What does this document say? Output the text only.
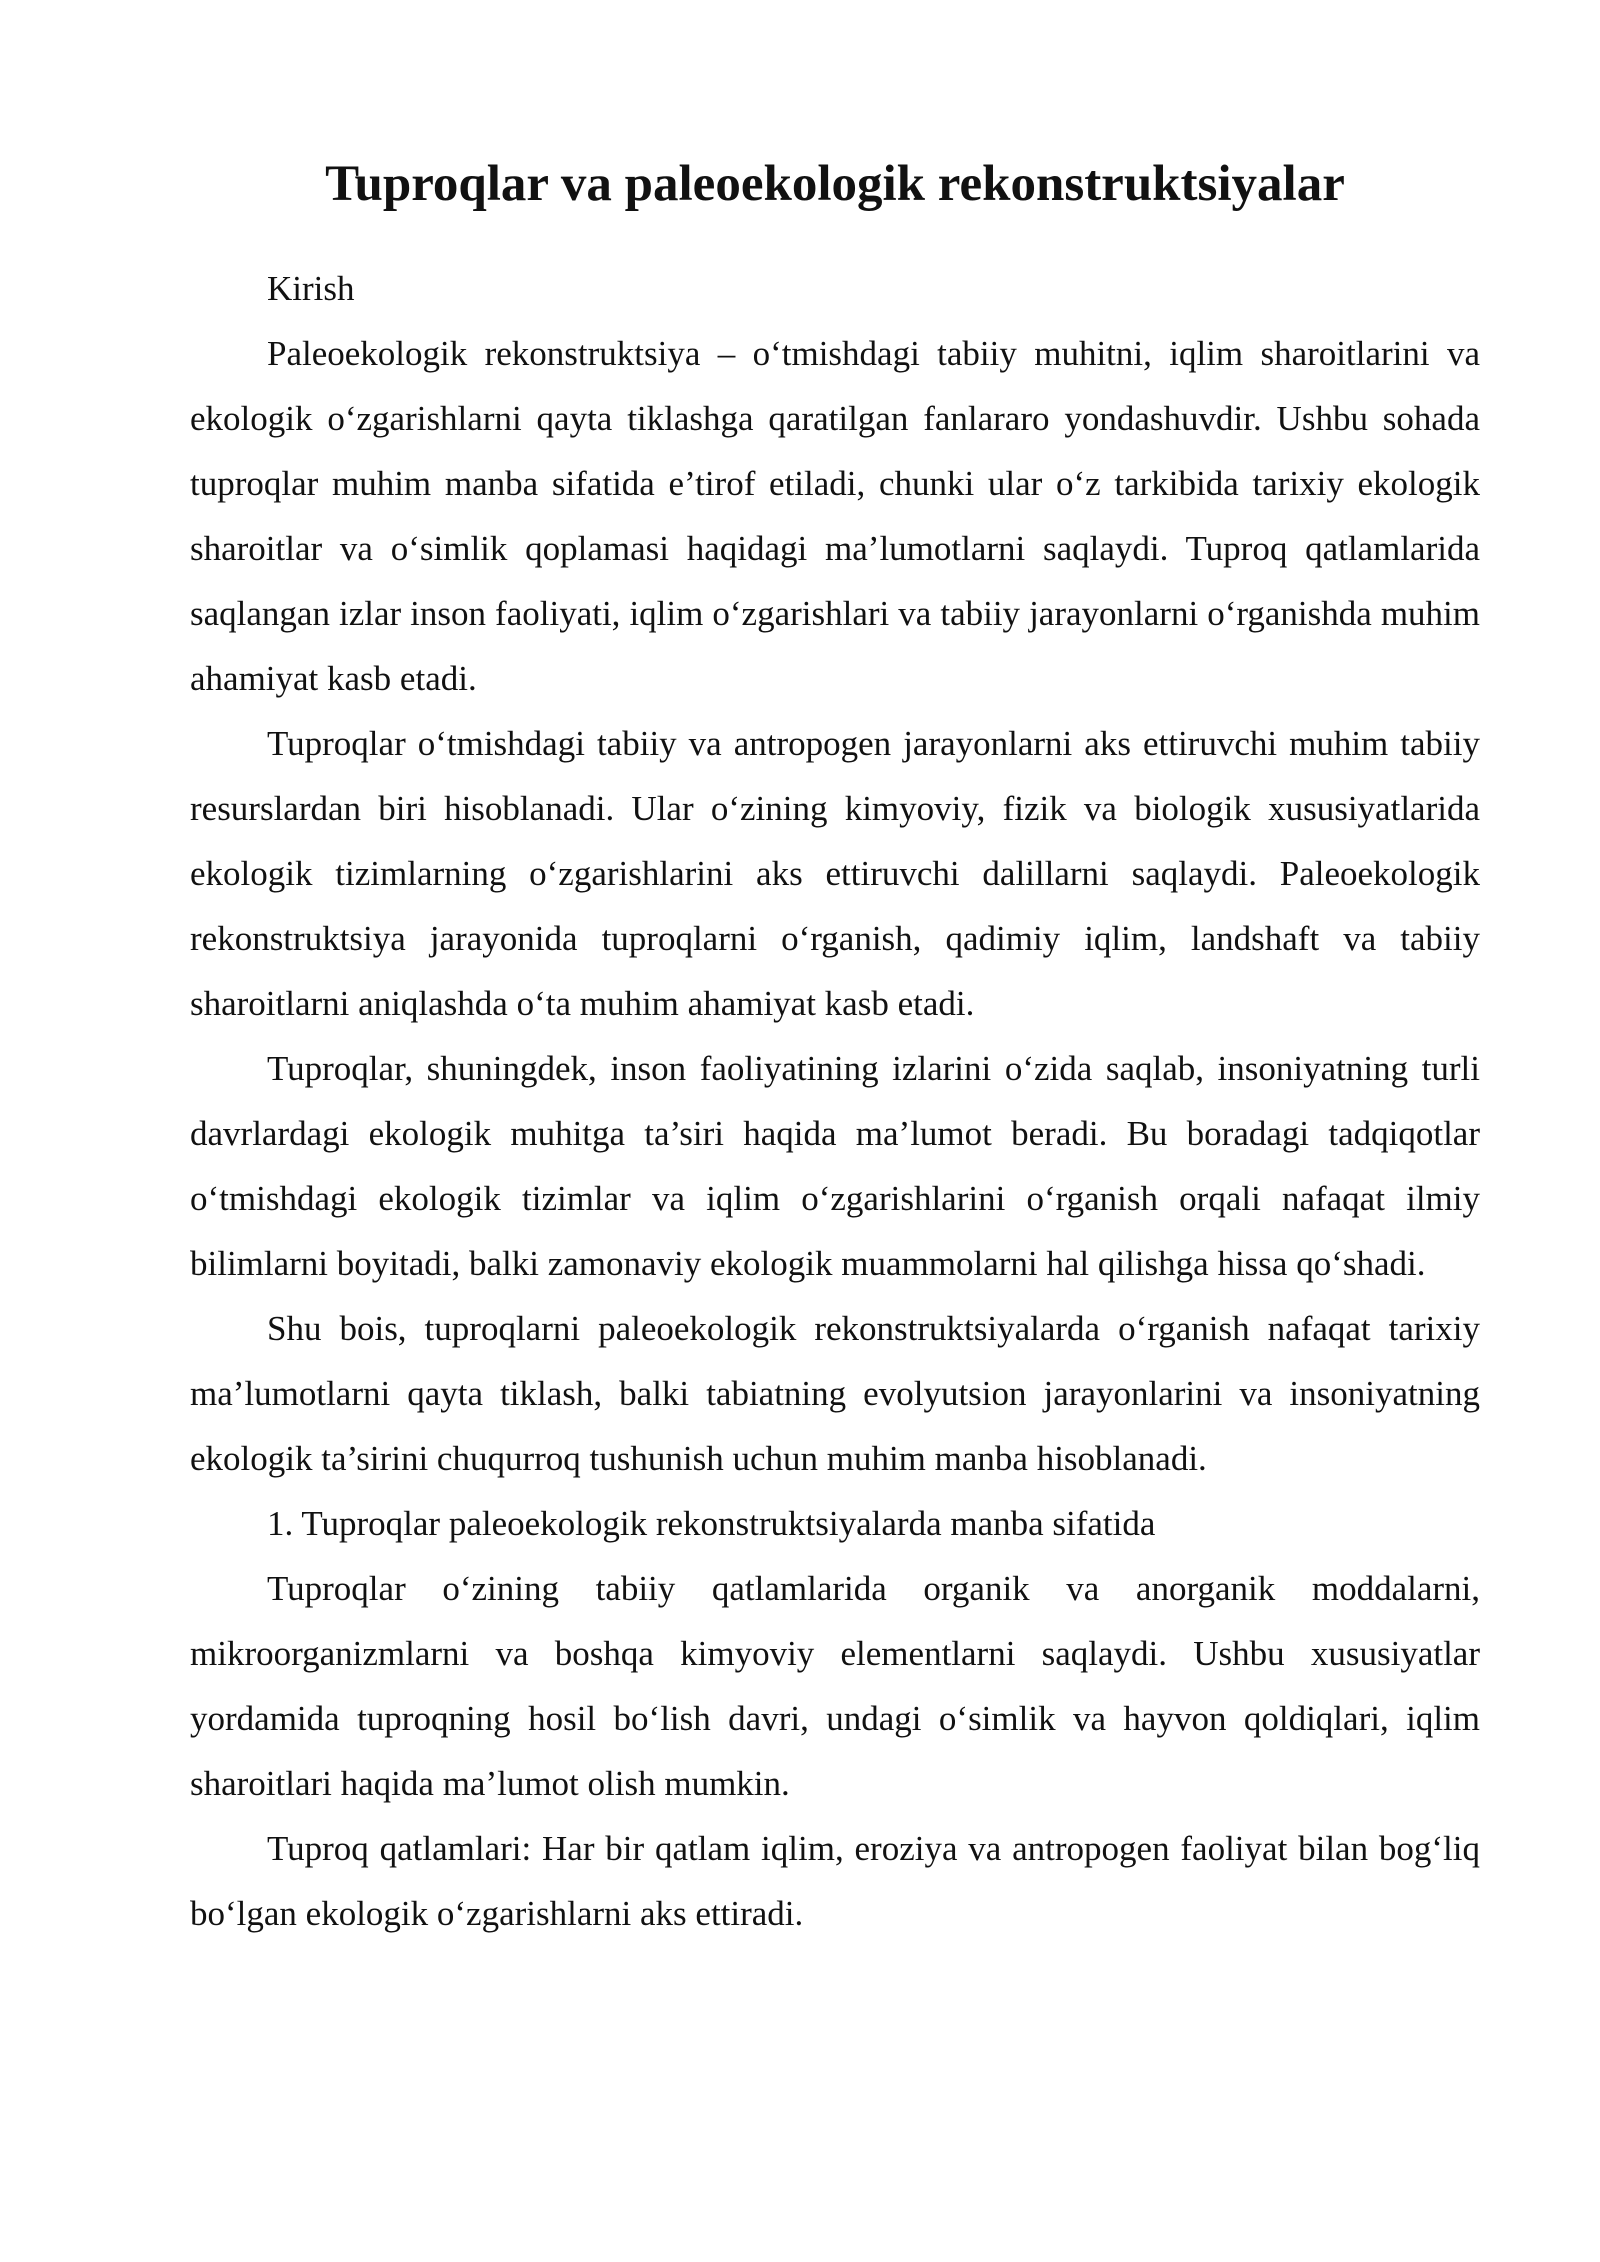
Tuproqlar va paleoekologik rekonstruktsiyalar

Kirish

Paleoekologik rekonstruktsiya – o‘tmishdagi tabiiy muhitni, iqlim sharoitlarini va ekologik o‘zgarishlarni qayta tiklashga qaratilgan fanlararo yondashuvdir. Ushbu sohada tuproqlar muhim manba sifatida e’tirof etiladi, chunki ular o‘z tarkibida tarixiy ekologik sharoitlar va o‘simlik qoplamasi haqidagi ma’lumotlarni saqlaydi. Tuproq qatlamlarida saqlangan izlar inson faoliyati, iqlim o‘zgarishlari va tabiiy jarayonlarni o‘rganishda muhim ahamiyat kasb etadi.

Tuproqlar o‘tmishdagi tabiiy va antropogen jarayonlarni aks ettiruvchi muhim tabiiy resurslardan biri hisoblanadi. Ular o‘zining kimyoviy, fizik va biologik xususiyatlarida ekologik tizimlarning o‘zgarishlarini aks ettiruvchi dalillarni saqlaydi. Paleoekologik rekonstruktsiya jarayonida tuproqlarni o‘rganish, qadimiy iqlim, landshaft va tabiiy sharoitlarni aniqlashda o‘ta muhim ahamiyat kasb etadi.

Tuproqlar, shuningdek, inson faoliyatining izlarini o‘zida saqlab, insoniyatning turli davrlardagi ekologik muhitga ta’siri haqida ma’lumot beradi. Bu boradagi tadqiqotlar o‘tmishdagi ekologik tizimlar va iqlim o‘zgarishlarini o‘rganish orqali nafaqat ilmiy bilimlarni boyitadi, balki zamonaviy ekologik muammolarni hal qilishga hissa qo‘shadi.

Shu bois, tuproqlarni paleoekologik rekonstruktsiyalarda o‘rganish nafaqat tarixiy ma’lumotlarni qayta tiklash, balki tabiatning evolyutsion jarayonlarini va insoniyatning ekologik ta’sirini chuqurroq tushunish uchun muhim manba hisoblanadi.

1. Tuproqlar paleoekologik rekonstruktsiyalarda manba sifatida

Tuproqlar o‘zining tabiiy qatlamlarida organik va anorganik moddalarni, mikroorganizmlarni va boshqa kimyoviy elementlarni saqlaydi. Ushbu xususiyatlar yordamida tuproqning hosil bo‘lish davri, undagi o‘simlik va hayvon qoldiqlari, iqlim sharoitlari haqida ma’lumot olish mumkin.

Tuproq qatlamlari: Har bir qatlam iqlim, eroziya va antropogen faoliyat bilan bog‘liq bo‘lgan ekologik o‘zgarishlarni aks ettiradi.
